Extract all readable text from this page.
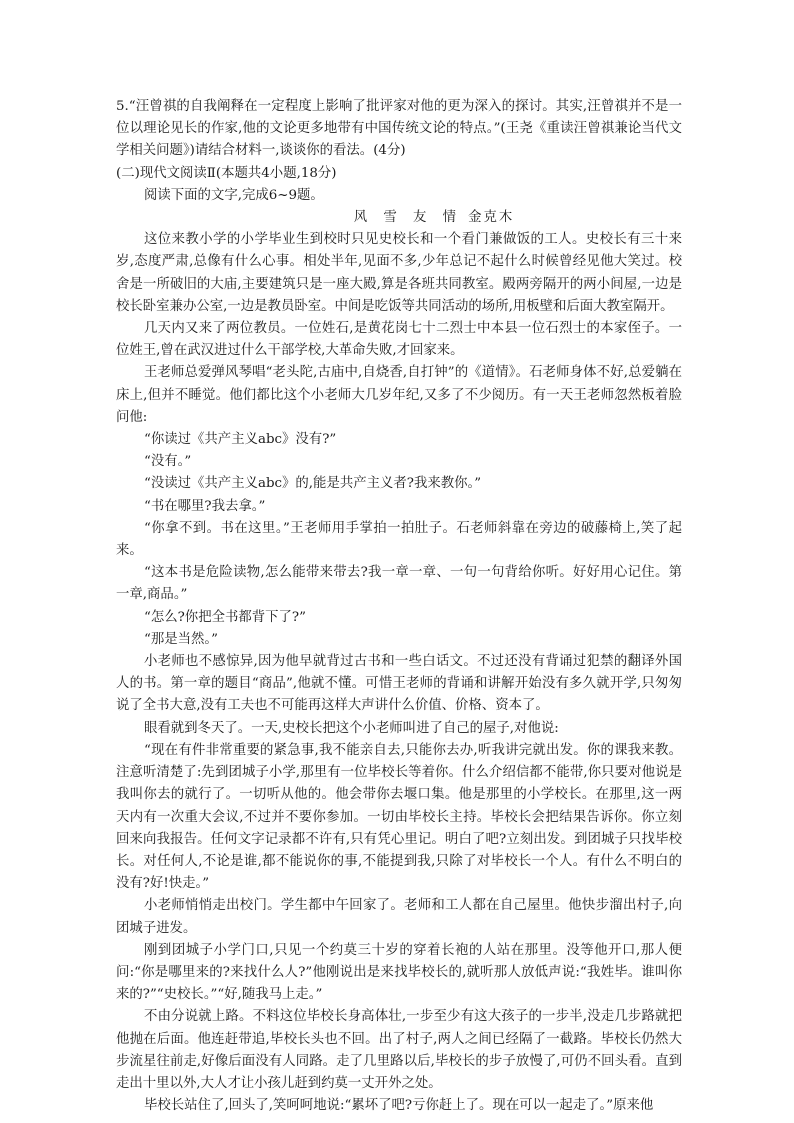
5.“汪曾祺的自我阐释在一定程度上影响了批评家对他的更为深入的探讨。其实,汪曾祺并不是一位以理论见长的作家,他的文论更多地带有中国传统文论的特点。”(王尧《重读汪曾祺兼论当代文学相关问题》)请结合材料一,谈谈你的看法。(4分)

(二)现代文阅读Ⅱ(本题共4小题,18分)

阅读下面的文字,完成6~9题。

风 雪 友 情 金克木

这位来教小学的小学毕业生到校时只见史校长和一个看门兼做饭的工人。史校长有三十来岁,态度严肃,总像有什么心事。相处半年,见面不多,少年总记不起什么时候曾经见他大笑过。校舍是一所破旧的大庙,主要建筑只是一座大殿,算是各班共同教室。殿两旁隔开的两小间屋,一边是校长卧室兼办公室,一边是教员卧室。中间是吃饭等共同活动的场所,用板壁和后面大教室隔开。

几天内又来了两位教员。一位姓石,是黄花岗七十二烈士中本县一位石烈士的本家侄子。一位姓王,曾在武汉进过什么干部学校,大革命失败,才回家来。

王老师总爱弹风琴唱“老头陀,古庙中,自烧香,自打钟”的《道情》。石老师身体不好,总爱躺在床上,但并不睡觉。他们都比这个小老师大几岁年纪,又多了不少阅历。有一天王老师忽然板着脸问他:

“你读过《共产主义abc》没有?”

“没有。”

“没读过《共产主义abc》的,能是共产主义者?我来教你。”

“书在哪里?我去拿。”

“你拿不到。书在这里。”王老师用手掌拍一拍肚子。石老师斜靠在旁边的破藤椅上,笑了起来。

“这本书是危险读物,怎么能带来带去?我一章一章、一句一句背给你听。好好用心记住。第一章,商品。”

“怎么?你把全书都背下了?”

“那是当然。”

小老师也不感惊异,因为他早就背过古书和一些白话文。不过还没有背诵过犯禁的翻译外国人的书。第一章的题目“商品”,他就不懂。可惜王老师的背诵和讲解开始没有多久就开学,只匆匆说了全书大意,没有工夫也不可能再这样大声讲什么价值、价格、资本了。

眼看就到冬天了。一天,史校长把这个小老师叫进了自己的屋子,对他说:

“现在有件非常重要的紧急事,我不能亲自去,只能你去办,听我讲完就出发。你的课我来教。注意听清楚了:先到团城子小学,那里有一位毕校长等着你。什么介绍信都不能带,你只要对他说是我叫你去的就行了。一切听从他的。他会带你去堰口集。他是那里的小学校长。在那里,这一两天内有一次重大会议,不过并不要你参加。一切由毕校长主持。毕校长会把结果告诉你。你立刻回来向我报告。任何文字记录都不许有,只有凭心里记。明白了吧?立刻出发。到团城子只找毕校长。对任何人,不论是谁,都不能说你的事,不能提到我,只除了对毕校长一个人。有什么不明白的没有?好!快走。”

小老师悄悄走出校门。学生都中午回家了。老师和工人都在自己屋里。他快步溜出村子,向团城子进发。

刚到团城子小学门口,只见一个约莫三十岁的穿着长袍的人站在那里。没等他开口,那人便问:“你是哪里来的?来找什么人?”他刚说出是来找毕校长的,就听那人放低声说:“我姓毕。谁叫你来的?”“史校长。”“好,随我马上走。”

不由分说就上路。不料这位毕校长身高体壮,一步至少有这大孩子的一步半,没走几步路就把他抛在后面。他连赶带追,毕校长头也不回。出了村子,两人之间已经隔了一截路。毕校长仍然大步流星往前走,好像后面没有人同路。走了几里路以后,毕校长的步子放慢了,可仍不回头看。直到走出十里以外,大人才让小孩儿赶到约莫一丈开外之处。

毕校长站住了,回头了,笑呵呵地说:“累坏了吧?亏你赶上了。现在可以一起走了。”原来他
